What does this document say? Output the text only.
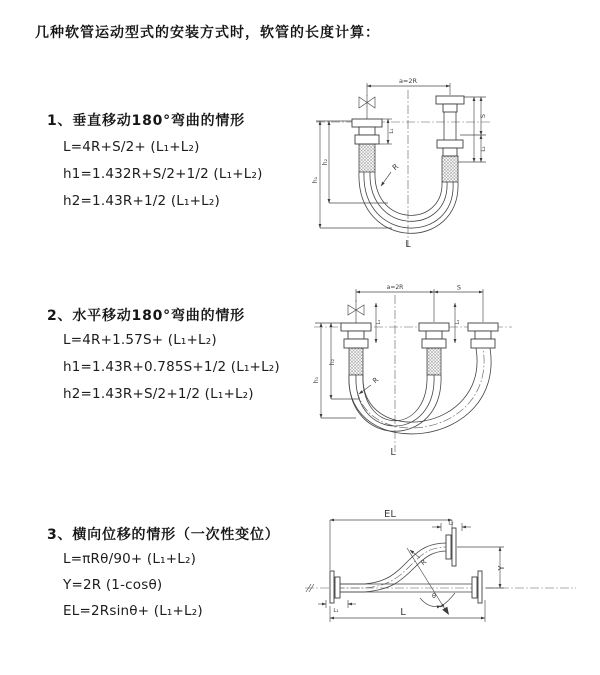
几种软管运动型式的安装方式时，软管的长度计算：
1、垂直移动180°弯曲的情形
L=4R+S/2+ (L₁+L₂)
h1=1.432R+S/2+1/2 (L₁+L₂)
h2=1.43R+1/2 (L₁+L₂)
a=2R
R
h₁
h₂
L₁
S
L₂
L
2、水平移动180°弯曲的情形
L=4R+1.57S+ (L₁+L₂)
h1=1.43R+0.785S+1/2 (L₁+L₂)
h2=1.43R+S/2+1/2 (L₁+L₂)
a=2R	S
L₁	L₂
h₁
h₂
R
L
3、横向位移的情形（一次性变位）
L=πRθ/90+ (L₁+L₂)
Y=2R (1-cosθ)
EL=2Rsinθ+ (L₁+L₂)
EL
L₂
Y
R
θ
L₁	L
